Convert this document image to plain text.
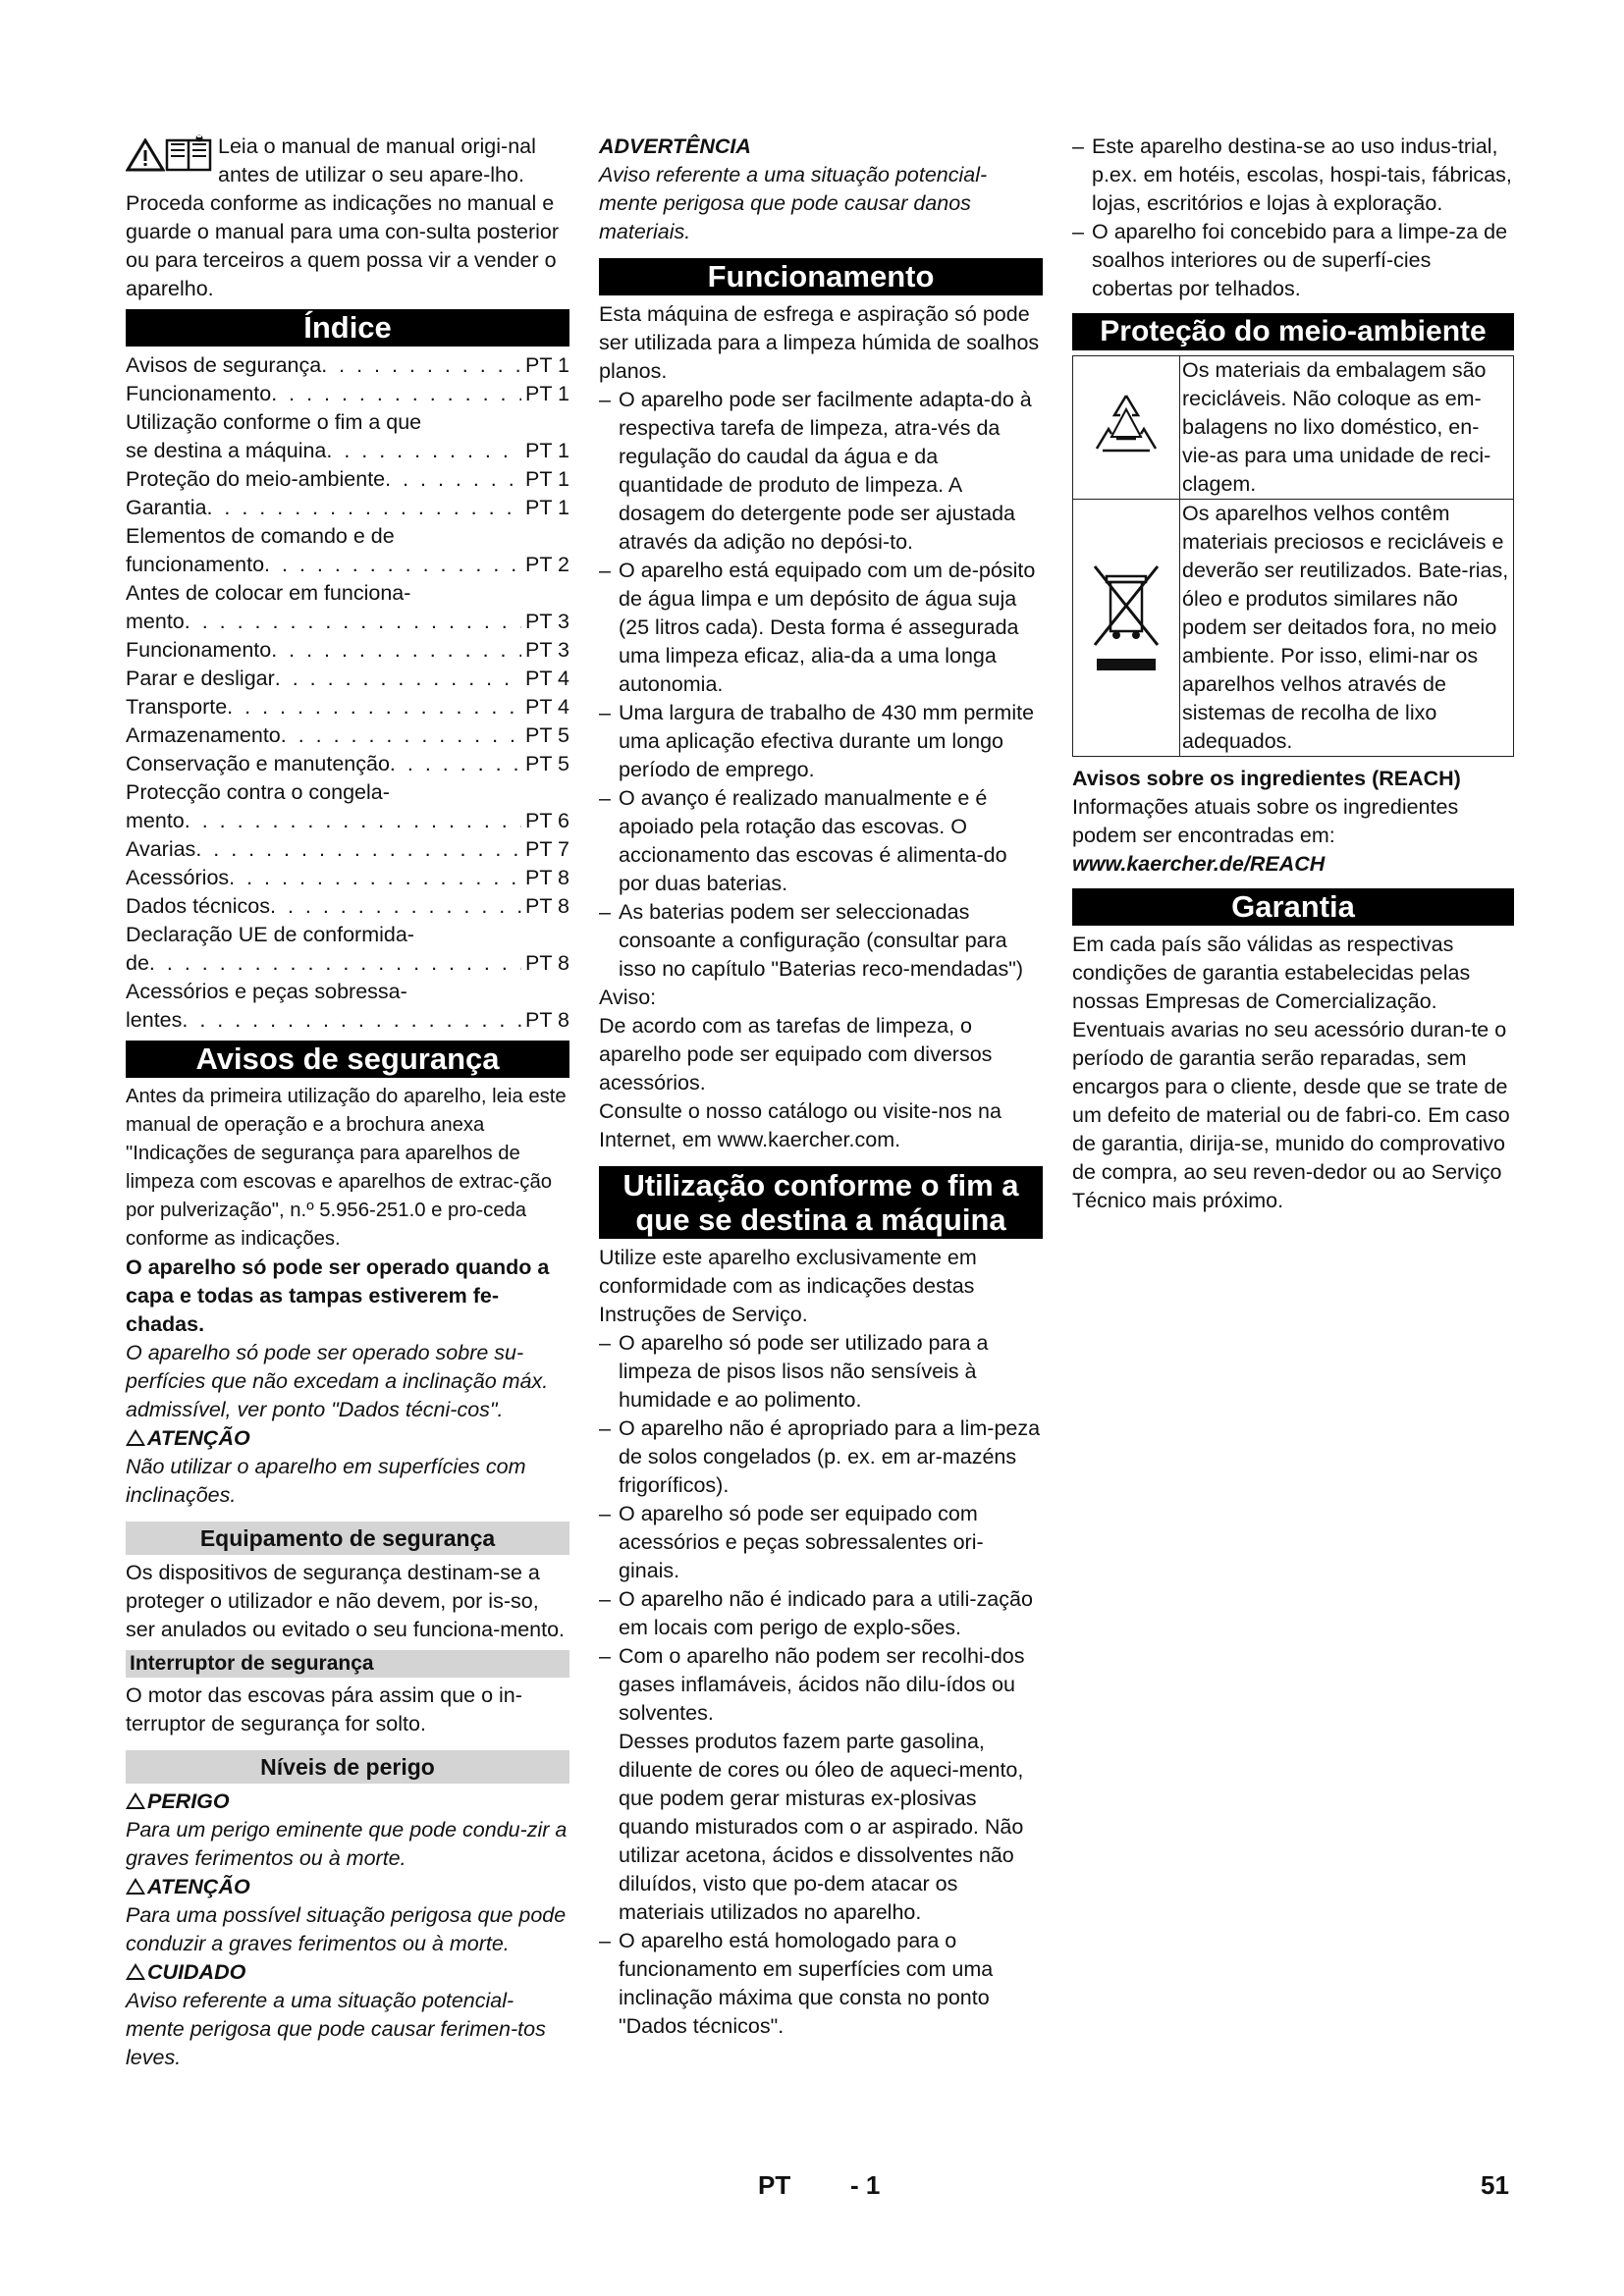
Leia o manual de manual origi-nal antes de utilizar o seu apare-lho. Proceda conforme as indicações no manual e guarde o manual para uma con-sulta posterior ou para terceiros a quem possa vir a vender o aparelho.

Índice
Avisos de segurança . . .	PT 1
Funcionamento . . .	PT 1
Utilização conforme o fim a que
se destina a máquina . . .	PT 1
Proteção do meio-ambiente . . .	PT 1
Garantia . . .	PT 1
Elementos de comando e de
funcionamento . . .	PT 2
Antes de colocar em funciona-
mento . . .	PT 3
Funcionamento . . .	PT 3
Parar e desligar . . .	PT 4
Transporte . . .	PT 4
Armazenamento . . .	PT 5
Conservação e manutenção . . .	PT 5
Protecção contra o congela-
mento . . .	PT 6
Avarias . . .	PT 7
Acessórios . . .	PT 8
Dados técnicos . . .	PT 8
Declaração UE de conformida-
de . . .	PT 8
Acessórios e peças sobressa-
lentes . . .	PT 8
Avisos de segurança

Antes da primeira utilização do aparelho, leia este manual de operação e a brochura anexa "Indicações de segurança para aparelhos de limpeza com escovas e aparelhos de extrac-ção por pulverização", n.º 5.956-251.0 e pro-ceda conforme as indicações.

O aparelho só pode ser operado quando a capa e todas as tampas estiverem fe-chadas.

O aparelho só pode ser operado sobre su-perfícies que não excedam a inclinação máx. admissível, ver ponto "Dados técni-cos".

ATENÇÃO

Não utilizar o aparelho em superfícies com inclinações.

Equipamento de segurança

Os dispositivos de segurança destinam-se a proteger o utilizador e não devem, por is-so, ser anulados ou evitado o seu funciona-mento.

Interruptor de segurança

O motor das escovas pára assim que o in-terruptor de segurança for solto.

Níveis de perigo

PERIGO

Para um perigo eminente que pode condu-zir a graves ferimentos ou à morte.

ATENÇÃO

Para uma possível situação perigosa que pode conduzir a graves ferimentos ou à morte.

CUIDADO

Aviso referente a uma situação potencial-mente perigosa que pode causar ferimen-tos leves.

ADVERTÊNCIA

Aviso referente a uma situação potencial-mente perigosa que pode causar danos materiais.

Funcionamento

Esta máquina de esfrega e aspiração só pode ser utilizada para a limpeza húmida de soalhos planos.

– O aparelho pode ser facilmente adapta-do à respectiva tarefa de limpeza, atra-vés da regulação do caudal da água e da quantidade de produto de limpeza. A dosagem do detergente pode ser ajustada através da adição no depósi-to.

– O aparelho está equipado com um de-pósito de água limpa e um depósito de água suja (25 litros cada). Desta forma é assegurada uma limpeza eficaz, alia-da a uma longa autonomia.

– Uma largura de trabalho de 430 mm permite uma aplicação efectiva durante um longo período de emprego.

– O avanço é realizado manualmente e é apoiado pela rotação das escovas. O accionamento das escovas é alimenta-do por duas baterias.

– As baterias podem ser seleccionadas consoante a configuração (consultar para isso no capítulo "Baterias reco-mendadas")

Aviso:

De acordo com as tarefas de limpeza, o aparelho pode ser equipado com diversos acessórios.

Consulte o nosso catálogo ou visite-nos na Internet, em www.kaercher.com.

Utilização conforme o fim a
que se destina a máquina

Utilize este aparelho exclusivamente em conformidade com as indicações destas Instruções de Serviço.

– O aparelho só pode ser utilizado para a limpeza de pisos lisos não sensíveis à humidade e ao polimento.

– O aparelho não é apropriado para a lim-peza de solos congelados (p. ex. em ar-mazéns frigoríficos).

– O aparelho só pode ser equipado com acessórios e peças sobressalentes ori-ginais.

– O aparelho não é indicado para a utili-zação em locais com perigo de explo-sões.

– Com o aparelho não podem ser recolhi-dos gases inflamáveis, ácidos não dilu-ídos ou solventes.

Desses produtos fazem parte gasolina, diluente de cores ou óleo de aqueci-mento, que podem gerar misturas ex-plosivas quando misturados com o ar aspirado. Não utilizar acetona, ácidos e dissolventes não diluídos, visto que po-dem atacar os materiais utilizados no aparelho.

– O aparelho está homologado para o funcionamento em superfícies com uma inclinação máxima que consta no ponto "Dados técnicos".

– Este aparelho destina-se ao uso indus-trial, p.ex. em hotéis, escolas, hospi-tais, fábricas, lojas, escritórios e lojas à exploração.

– O aparelho foi concebido para a limpe-za de soalhos interiores ou de superfí-cies cobertas por telhados.

Proteção do meio-ambiente
	Os materiais da embalagem são recicláveis. Não coloque as em-balagens no lixo doméstico, en-vie-as para uma unidade de reci-clagem.
	Os aparelhos velhos contêm materiais preciosos e recicláveis e deverão ser reutilizados. Bate-rias, óleo e produtos similares não podem ser deitados fora, no meio ambiente. Por isso, elimi-nar os aparelhos velhos através de sistemas de recolha de lixo adequados.

Avisos sobre os ingredientes (REACH)

Informações atuais sobre os ingredientes podem ser encontradas em:

www.kaercher.de/REACH

Garantia

Em cada país são válidas as respectivas condições de garantia estabelecidas pelas nossas Empresas de Comercialização. Eventuais avarias no seu acessório duran-te o período de garantia serão reparadas, sem encargos para o cliente, desde que se trate de um defeito de material ou de fabri-co. Em caso de garantia, dirija-se, munido do comprovativo de compra, ao seu reven-dedor ou ao Serviço Técnico mais próximo.

PT - 1	51
